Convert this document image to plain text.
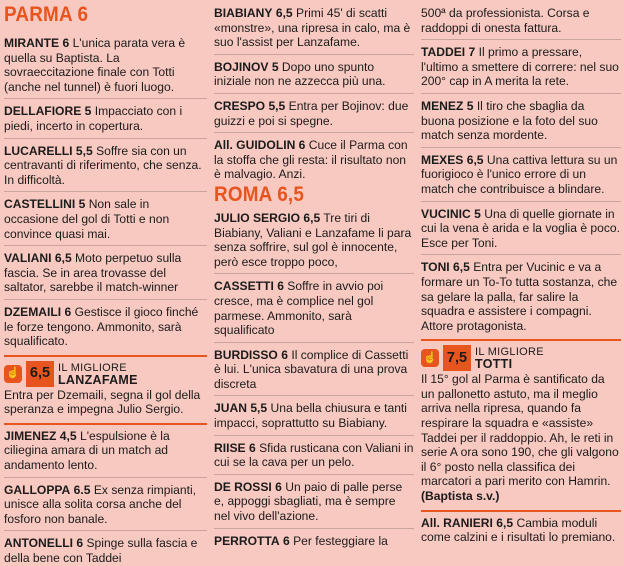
PARMA 6
MIRANTE 6 L'unica parata vera è quella su Baptista. La sovraeccitazione finale con Totti (anche nel tunnel) è fuori luogo.
DELLAFIORE 5 Impacciato con i piedi, incerto in copertura.
LUCARELLI 5,5 Soffre sia con un centravanti di riferimento, che senza. In difficoltà.
CASTELLINI 5 Non sale in occasione del gol di Totti e non convince quasi mai.
VALIANI 6,5 Moto perpetuo sulla fascia. Se in area trovasse del saltator, sarebbe il match-winner
DZEMAILI 6 Gestisce il gioco finché le forze tengono. Ammonito, sarà squalificato.
☝ 6,5 IL MIGLIORE
LANZAFAME
Entra per Dzemaili, segna il gol della speranza e impegna Julio Sergio.
JIMENEZ 4,5 L'espulsione è la ciliegina amara di un match ad andamento lento.
GALLOPPA 6.5 Ex senza rimpianti, unisce alla solita corsa anche del fosforo non banale.
ANTONELLI 6 Spinge sulla fascia e della bene con Taddei
BIABIANY 6,5 Primi 45' di scatti «monstre», una ripresa in calo, ma è suo l'assist per Lanzafame.
BOJINOV 5 Dopo uno spunto iniziale non ne azzecca più una.
CRESPO 5,5 Entra per Bojinov: due guizzi e poi si spegne.
All. GUIDOLIN 6 Cuce il Parma con la stoffa che gli resta: il risultato non è malvagio. Anzi.
ROMA 6,5
JULIO SERGIO 6,5 Tre tiri di Biabiany, Valiani e Lanzafame li para senza soffrire, sul gol è innocente, però esce troppo poco,
CASSETTI 6 Soffre in avvio poi cresce, ma è complice nel gol parmese. Ammonito, sarà squalificato
BURDISSO 6 Il complice di Cassetti è lui. L'unica sbavatura di una prova discreta
JUAN 5,5 Una bella chiusura e tanti impacci, soprattutto su Biabiany.
RIISE 6 Sfida rusticana con Valiani in cui se la cava per un pelo.
DE ROSSI 6 Un paio di palle perse e, appoggi sbagliati, ma è sempre nel vivo dell'azione.
PERROTTA 6 Per festeggiare la
500ª da professionista. Corsa e raddoppi di onesta fattura.
TADDEI 7 Il primo a pressare, l'ultimo a smettere di correre: nel suo 200° cap in A merita la rete.
MENEZ 5 Il tiro che sbaglia da buona posizione e la foto del suo match senza mordente.
MEXES 6,5 Una cattiva lettura su un fuorigioco è l'unico errore di un match che contribuisce a blindare.
VUCINIC 5 Una di quelle giornate in cui la vena è arida e la voglia è poco. Esce per Toni.
TONI 6,5 Entra per Vucinic e va a formare un To-To tutta sostanza, che sa gelare la palla, far salire la squadra e assistere i compagni. Attore protagonista.
☝ 7,5 IL MIGLIORE
TOTTI
Il 15° gol al Parma è santificato da un pallonetto astuto, ma il meglio arriva nella ripresa, quando fa respirare la squadra e «assiste» Taddei per il raddoppio. Ah, le reti in serie A ora sono 190, che gli valgono il 6° posto nella classifica dei marcatori a pari merito con Hamrin. (Baptista s.v.)
All. RANIERI 6,5 Cambia moduli come calzini e i risultati lo premiano.
